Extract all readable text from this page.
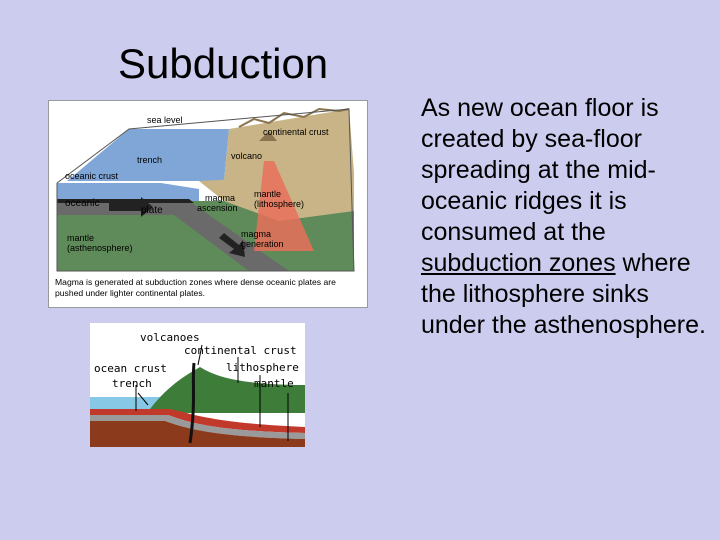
Subduction
As new ocean floor is created by sea-floor spreading at the mid-oceanic ridges it is consumed at the subduction zones where the lithosphere sinks under the asthenosphere.
sea level
continental crust
trench	volcano
oceanic crust
oceanic
plate
magma
ascension
mantle
(lithosphere)
mantle
(asthenosphere)
magma
generation
Magma is generated at subduction zones where dense oceanic plates are pushed under lighter continental plates.
volcanoes
continental crust
ocean crust	lithosphere
trench	mantle
